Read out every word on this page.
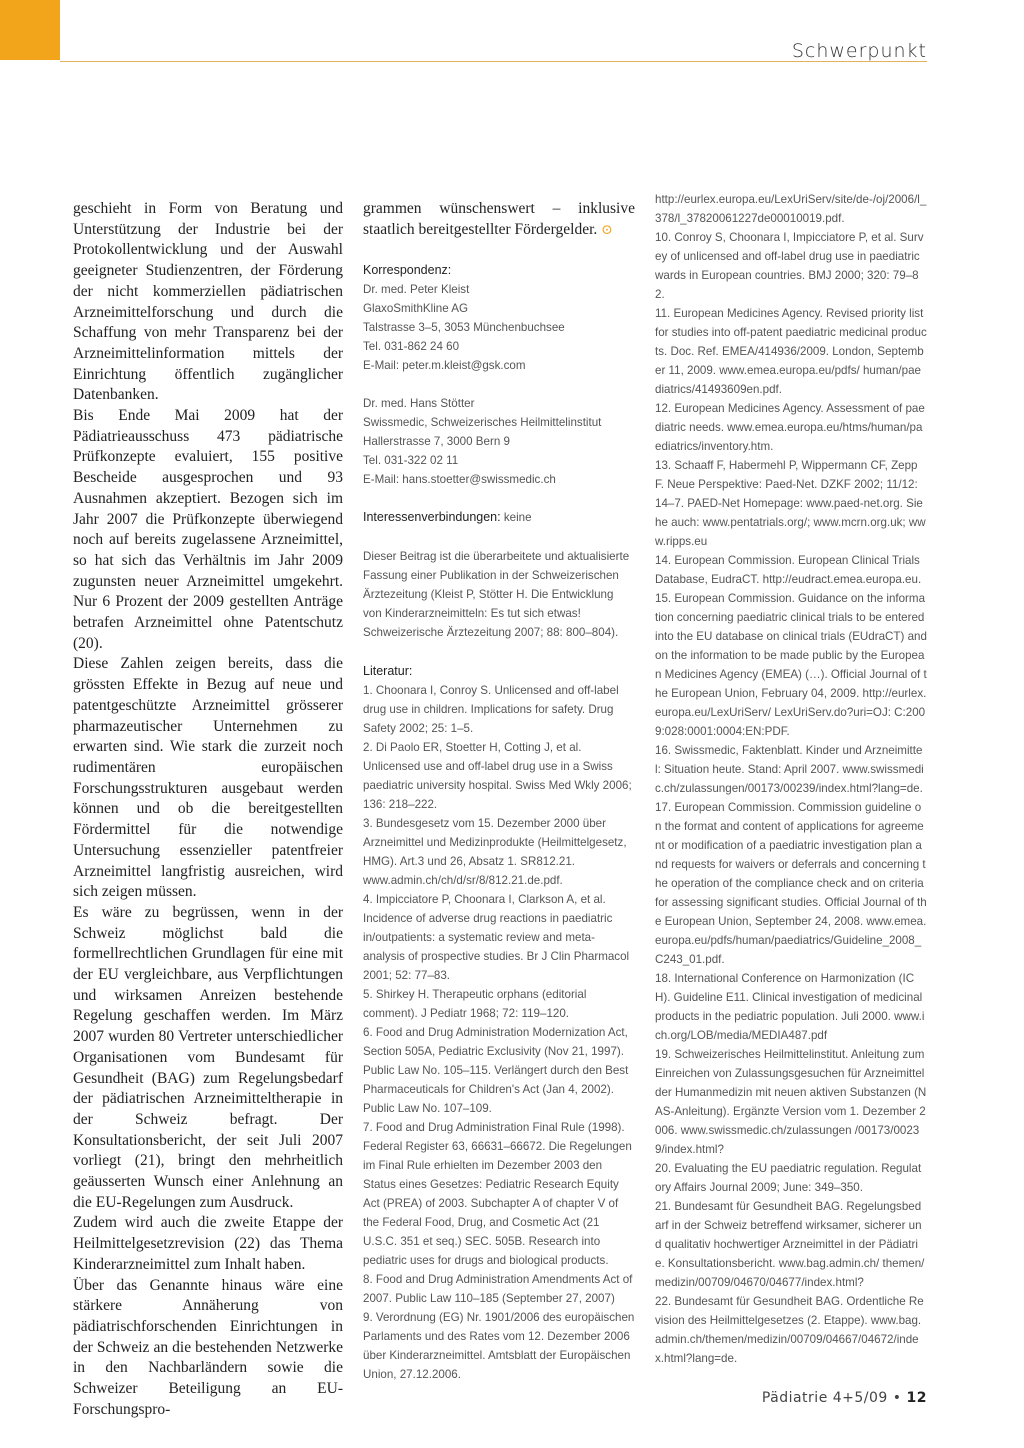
Schwerpunkt

geschieht in Form von Beratung und Unterstützung der Industrie bei der Protokollentwicklung und der Auswahl geeigneter Studienzentren, der Förderung der nicht kommerziellen pädiatrischen Arzneimittelforschung und durch die Schaffung von mehr Transparenz bei der Arzneimittelinformation mittels der Einrichtung öffentlich zugänglicher Datenbanken.

Bis Ende Mai 2009 hat der Pädiatrieausschuss 473 pädiatrische Prüfkonzepte evaluiert, 155 positive Bescheide ausgesprochen und 93 Ausnahmen akzeptiert. Bezogen sich im Jahr 2007 die Prüfkonzepte überwiegend noch auf bereits zugelassene Arzneimittel, so hat sich das Verhältnis im Jahr 2009 zugunsten neuer Arzneimittel umgekehrt. Nur 6 Prozent der 2009 gestellten Anträge betrafen Arzneimittel ohne Patentschutz (20).

Diese Zahlen zeigen bereits, dass die grössten Effekte in Bezug auf neue und patentgeschützte Arzneimittel grösserer pharmazeutischer Unternehmen zu erwarten sind. Wie stark die zurzeit noch rudimentären europäischen Forschungsstrukturen ausgebaut werden können und ob die bereitgestellten Fördermittel für die notwendige Untersuchung essenzieller patentfreier Arzneimittel langfristig ausreichen, wird sich zeigen müssen.

Es wäre zu begrüssen, wenn in der Schweiz möglichst bald die formellrechtlichen Grundlagen für eine mit der EU vergleichbare, aus Verpflichtungen und wirksamen Anreizen bestehende Regelung geschaffen werden. Im März 2007 wurden 80 Vertreter unterschiedlicher Organisationen vom Bundesamt für Gesundheit (BAG) zum Regelungsbedarf der pädiatrischen Arzneimitteltherapie in der Schweiz befragt. Der Konsultationsbericht, der seit Juli 2007 vorliegt (21), bringt den mehrheitlich geäusserten Wunsch einer Anlehnung an die EU-Regelungen zum Ausdruck.

Zudem wird auch die zweite Etappe der Heilmittelgesetzrevision (22) das Thema Kinderarzneimittel zum Inhalt haben.

Über das Genannte hinaus wäre eine stärkere Annäherung von pädiatrischforschenden Einrichtungen in der Schweiz an die bestehenden Netzwerke in den Nachbarländern sowie die Schweizer Beteiligung an EU-Forschungspro-

grammen wünschenswert – inklusive staatlich bereitgestellter Fördergelder. ⊙

Korrespondenz:

Dr. med. Peter Kleist
GlaxoSmithKline AG
Talstrasse 3–5, 3053 Münchenbuchsee
Tel. 031-862 24 60
E-Mail: peter.m.kleist@gsk.com
Dr. med. Hans Stötter
Swissmedic, Schweizerisches Heilmittelinstitut
Hallerstrasse 7, 3000 Bern 9
Tel. 031-322 02 11
E-Mail: hans.stoetter@swissmedic.ch

Interessenverbindungen: keine

Dieser Beitrag ist die überarbeitete und aktualisierte Fassung einer Publikation in der Schweizerischen Ärztezeitung (Kleist P, Stötter H. Die Entwicklung von Kinderarzneimitteln: Es tut sich etwas! Schweizerische Ärztezeitung 2007; 88: 800–804).

Literatur:

1. Choonara I, Conroy S. Unlicensed and off-label drug use in children. Implications for safety. Drug Safety 2002; 25: 1–5.
2. Di Paolo ER, Stoetter H, Cotting J, et al. Unlicensed use and off-label drug use in a Swiss paediatric university hospital. Swiss Med Wkly 2006; 136: 218–222.
3. Bundesgesetz vom 15. Dezember 2000 über Arzneimittel und Medizinprodukte (Heilmittelgesetz, HMG). Art.3 und 26, Absatz 1. SR812.21. www.admin.ch/ch/d/sr/8/812.21.de.pdf.
4. Impicciatore P, Choonara I, Clarkson A, et al. Incidence of adverse drug reactions in paediatric in/outpatients: a systematic review and meta-analysis of prospective studies. Br J Clin Pharmacol 2001; 52: 77–83.
5. Shirkey H. Therapeutic orphans (editorial comment). J Pediatr 1968; 72: 119–120.
6. Food and Drug Administration Modernization Act, Section 505A, Pediatric Exclusivity (Nov 21, 1997). Public Law No. 105–115. Verlängert durch den Best Pharmaceuticals for Children's Act (Jan 4, 2002). Public Law No. 107–109.
7. Food and Drug Administration Final Rule (1998). Federal Register 63, 66631–66672. Die Regelungen im Final Rule erhielten im Dezember 2003 den Status eines Gesetzes: Pediatric Research Equity Act (PREA) of 2003. Subchapter A of chapter V of the Federal Food, Drug, and Cosmetic Act (21 U.S.C. 351 et seq.) SEC. 505B. Research into pediatric uses for drugs and biological products.
8. Food and Drug Administration Amendments Act of 2007. Public Law 110–185 (September 27, 2007)
9. Verordnung (EG) Nr. 1901/2006 des europäischen Parlaments und des Rates vom 12. Dezember 2006 über Kinderarzneimittel. Amtsblatt der Europäischen Union, 27.12.2006.
http://eurlex.europa.eu/LexUriServ/site/de-/oj/2006/l_378/l_37820061227de00010019.pdf.
10. Conroy S, Choonara I, Impicciatore P, et al. Survey of unlicensed and off-label drug use in paediatric wards in European countries. BMJ 2000; 320: 79–82.
11. European Medicines Agency. Revised priority list for studies into off-patent paediatric medicinal products. Doc. Ref. EMEA/414936/2009. London, September 11, 2009. www.emea.europa.eu/pdfs/ human/paediatrics/41493609en.pdf.
12. European Medicines Agency. Assessment of paediatric needs. www.emea.europa.eu/htms/human/paediatrics/inventory.htm.
13. Schaaff F, Habermehl P, Wippermann CF, Zepp F. Neue Perspektive: Paed-Net. DZKF 2002; 11/12: 14–7. PAED-Net Homepage: www.paed-net.org. Siehe auch: www.pentatrials.org/; www.mcrn.org.uk; www.ripps.eu
14. European Commission. European Clinical Trials Database, EudraCT. http://eudract.emea.europa.eu.
15. European Commission. Guidance on the information concerning paediatric clinical trials to be entered into the EU database on clinical trials (EUdraCT) and on the information to be made public by the European Medicines Agency (EMEA) (…). Official Journal of the European Union, February 04, 2009. http://eurlex.europa.eu/LexUriServ/ LexUriServ.do?uri=OJ: C:2009:028:0001:0004:EN:PDF.
16. Swissmedic, Faktenblatt. Kinder und Arzneimittel: Situation heute. Stand: April 2007. www.swissmedic.ch/zulassungen/00173/00239/index.html?lang=de.
17. European Commission. Commission guideline on the format and content of applications for agreement or modification of a paediatric investigation plan and requests for waivers or deferrals and concerning the operation of the compliance check and on criteria for assessing significant studies. Official Journal of the European Union, September 24, 2008. www.emea.europa.eu/pdfs/human/paediatrics/Guideline_2008_C243_01.pdf.
18. International Conference on Harmonization (ICH). Guideline E11. Clinical investigation of medicinal products in the pediatric population. Juli 2000. www.ich.org/LOB/media/MEDIA487.pdf
19. Schweizerisches Heilmittelinstitut. Anleitung zum Einreichen von Zulassungsgesuchen für Arzneimittel der Humanmedizin mit neuen aktiven Substanzen (NAS-Anleitung). Ergänzte Version vom 1. Dezember 2006. www.swissmedic.ch/zulassungen /00173/00239/index.html?
20. Evaluating the EU paediatric regulation. Regulatory Affairs Journal 2009; June: 349–350.
21. Bundesamt für Gesundheit BAG. Regelungsbedarf in der Schweiz betreffend wirksamer, sicherer und qualitativ hochwertiger Arzneimittel in der Pädiatrie. Konsultationsbericht. www.bag.admin.ch/ themen/medizin/00709/04670/04677/index.html?
22. Bundesamt für Gesundheit BAG. Ordentliche Revision des Heilmittelgesetzes (2. Etappe). www.bag.admin.ch/themen/medizin/00709/04667/04672/index.html?lang=de.
Pädiatrie 4+5/09 • 12
